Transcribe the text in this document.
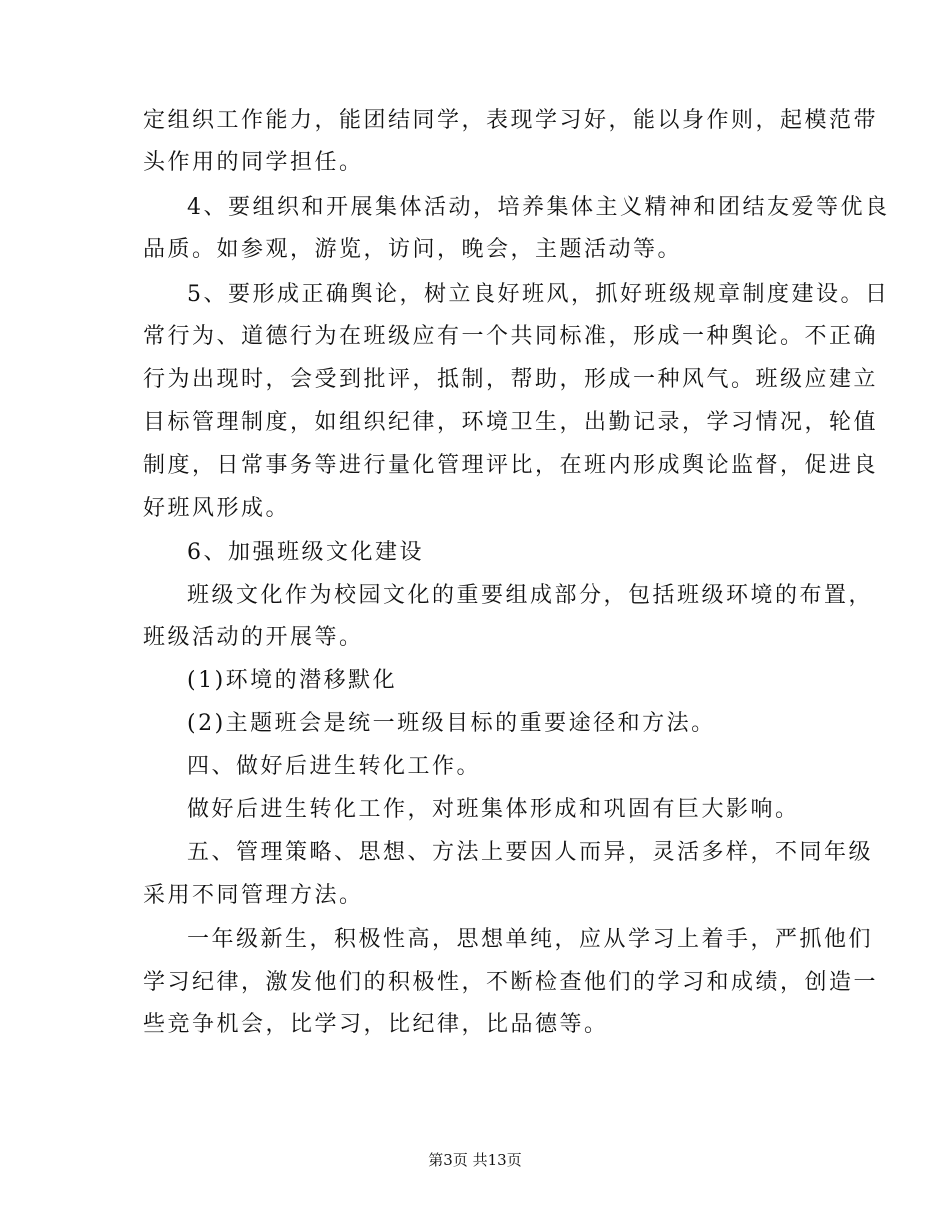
定组织工作能力，能团结同学，表现学习好，能以身作则，起模范带
头作用的同学担任。
4、要组织和开展集体活动，培养集体主义精神和团结友爱等优良
品质。如参观，游览，访问，晚会，主题活动等。
5、要形成正确舆论，树立良好班风，抓好班级规章制度建设。日
常行为、道德行为在班级应有一个共同标准，形成一种舆论。不正确
行为出现时，会受到批评，抵制，帮助，形成一种风气。班级应建立
目标管理制度，如组织纪律，环境卫生，出勤记录，学习情况，轮值
制度，日常事务等进行量化管理评比，在班内形成舆论监督，促进良
好班风形成。
6、加强班级文化建设
班级文化作为校园文化的重要组成部分，包括班级环境的布置，
班级活动的开展等。
(1)环境的潜移默化
(2)主题班会是统一班级目标的重要途径和方法。
四、做好后进生转化工作。
做好后进生转化工作，对班集体形成和巩固有巨大影响。
五、管理策略、思想、方法上要因人而异，灵活多样，不同年级
采用不同管理方法。
一年级新生，积极性高，思想单纯，应从学习上着手，严抓他们
学习纪律，激发他们的积极性，不断检查他们的学习和成绩，创造一
些竞争机会，比学习，比纪律，比品德等。
第3页 共13页
